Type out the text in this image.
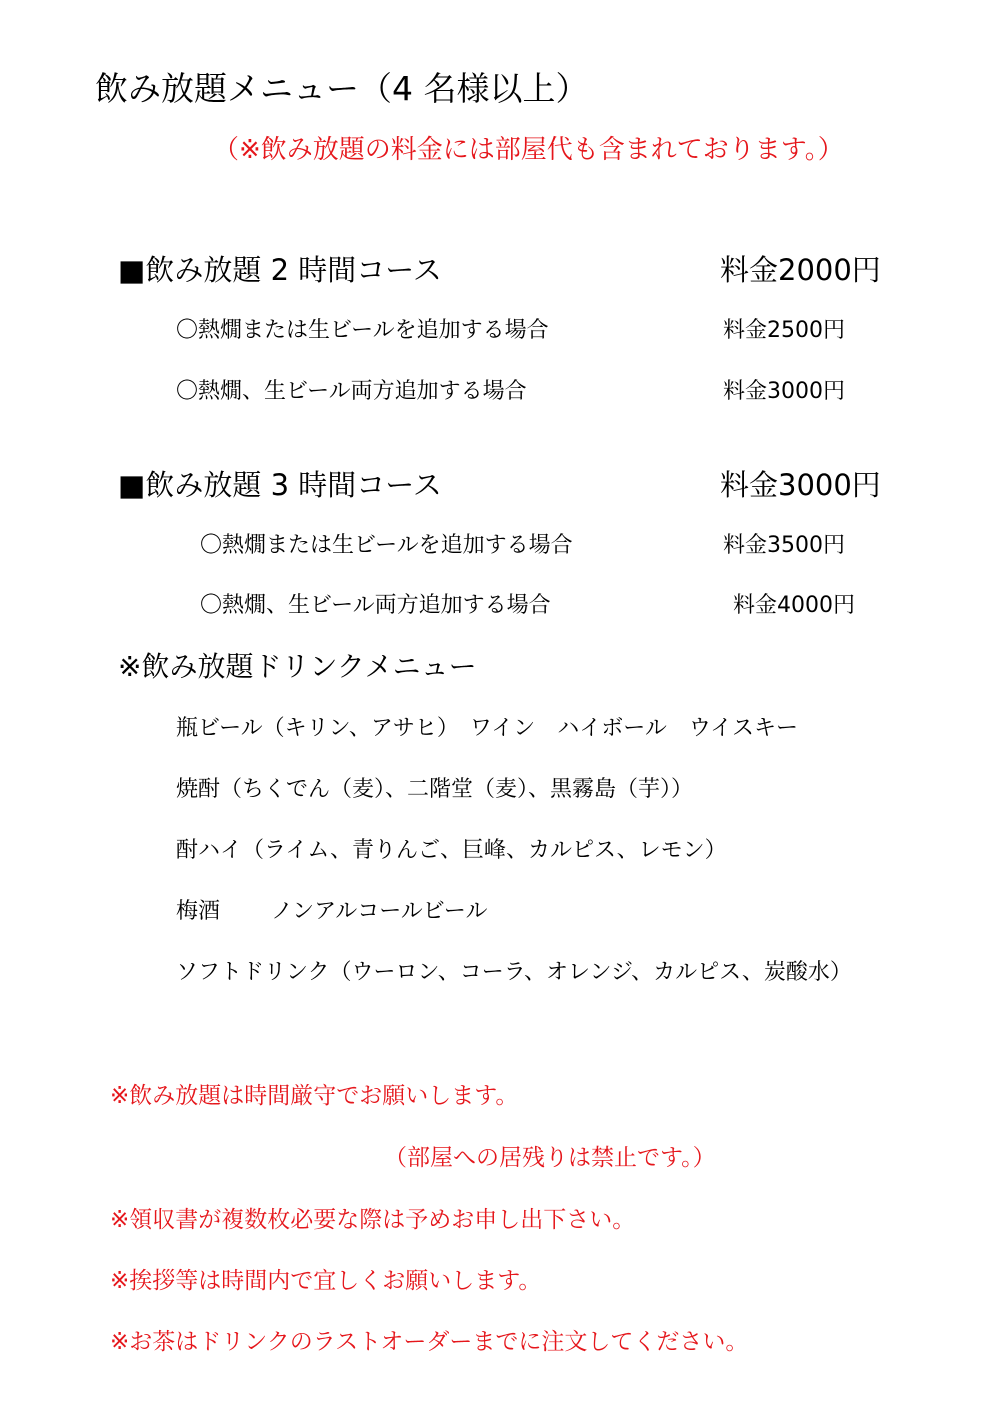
飲み放題メニュー（4 名様以上）
（※飲み放題の料金には部屋代も含まれております。）
■飲み放題 2 時間コース	料金2000円
〇熱燗または生ビールを追加する場合	料金2500円
〇熱燗、生ビール両方追加する場合	料金3000円
■飲み放題 3 時間コース	料金3000円
〇熱燗または生ビールを追加する場合	料金3500円
〇熱燗、生ビール両方追加する場合	料金4000円
※飲み放題ドリンクメニュー
瓶ビール（キリン、アサヒ）　ワイン　ハイボール　ウイスキー
焼酎（ちくでん（麦）、二階堂（麦）、黒霧島（芋））
酎ハイ（ライム、青りんご、巨峰、カルピス、レモン）
梅酒　　 ノンアルコールビール
ソフトドリンク（ウーロン、コーラ、オレンジ、カルピス、炭酸水）
※飲み放題は時間厳守でお願いします。
（部屋への居残りは禁止です。）
※領収書が複数枚必要な際は予めお申し出下さい。
※挨拶等は時間内で宜しくお願いします。
※お茶はドリンクのラストオーダーまでに注文してください。
